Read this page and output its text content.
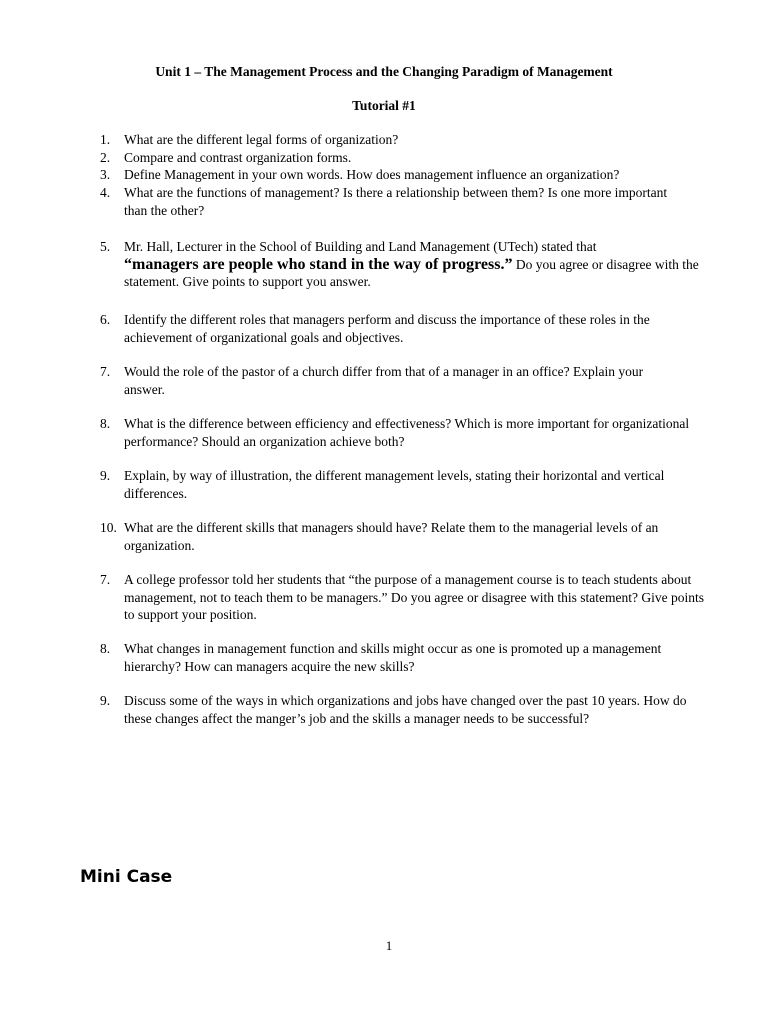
Unit 1 – The Management Process and the Changing Paradigm of Management
Tutorial #1
1.	What are the different legal forms of organization?
2.	Compare and contrast organization forms.
3.	Define Management in your own words. How does management influence an organization?
4.	What are the functions of management? Is there a relationship between them? Is one more important than the other?
5.	Mr. Hall, Lecturer in the School of Building and Land Management (UTech) stated that
“managers are people who stand in the way of progress.” Do you agree or disagree with the statement. Give points to support you answer.
6.	Identify the different roles that managers perform and discuss the importance of these roles in the achievement of organizational goals and objectives.
7.	Would the role of the pastor of a church differ from that of a manager in an office? Explain your answer.
8.	What is the difference between efficiency and effectiveness? Which is more important for organizational performance? Should an organization achieve both?
9.	Explain, by way of illustration, the different management levels, stating their horizontal and vertical differences.
10. What are the different skills that managers should have? Relate them to the managerial levels of an organization.
7.	A college professor told her students that “the purpose of a management course is to teach students about management, not to teach them to be managers.” Do you agree or disagree with this statement? Give points to support your position.
8.	What changes in management function and skills might occur as one is promoted up a management hierarchy? How can managers acquire the new skills?
9.	Discuss some of the ways in which organizations and jobs have changed over the past 10 years. How do these changes affect the manger’s job and the skills a manager needs to be successful?
Mini Case
1
